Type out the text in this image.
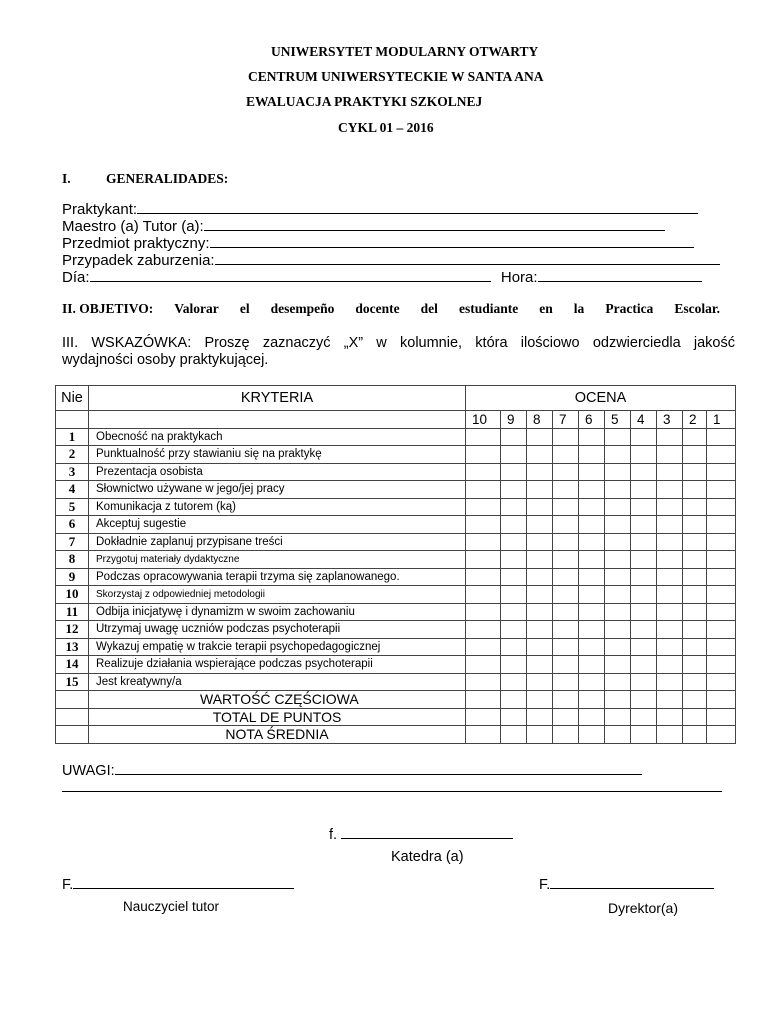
UNIWERSYTET MODULARNY OTWARTY
CENTRUM UNIWERSYTECKIE W SANTA ANA
EWALUACJA PRAKTYKI SZKOLNEJ
CYKL 01 – 2016
I.	GENERALIDADES:
Praktykant:
Maestro (a) Tutor (a):
Przedmiot praktyczny:
Przypadek zaburzenia:
Día:	Hora:
II. OBJETIVO: Valorar el desempeño docente del estudiante en la Practica Escolar.
III. WSKAZÓWKA: Proszę zaznaczyć „X” w kolumnie, która ilościowo odzwierciedla jakość
wydajności osoby praktykującej.
Nie	KRYTERIA	OCENA									
		10	9	8	7	6	5	4	3	2	1
1	Obecność na praktykach										
2	Punktualność przy stawianiu się na praktykę										
3	Prezentacja osobista										
4	Słownictwo używane w jego/jej pracy										
5	Komunikacja z tutorem (ką)										
6	Akceptuj sugestie										
7	Dokładnie zaplanuj przypisane treści										
8	Przygotuj materiały dydaktyczne										
9	Podczas opracowywania terapii trzyma się zaplanowanego.										
10	Skorzystaj z odpowiedniej metodologii										
11	Odbija inicjatywę i dynamizm w swoim zachowaniu										
12	Utrzymaj uwagę uczniów podczas psychoterapii										
13	Wykazuj empatię w trakcie terapii psychopedagogicznej										
14	Realizuje działania wspierające podczas psychoterapii										
15	Jest kreatywny/a										
	WARTOŚĆ CZĘŚCIOWA										
	TOTAL DE PUNTOS										
	NOTA ŚREDNIA										
UWAGI:
f.
Katedra (a)
F.	F.
Nauczyciel tutor	Dyrektor(a)
